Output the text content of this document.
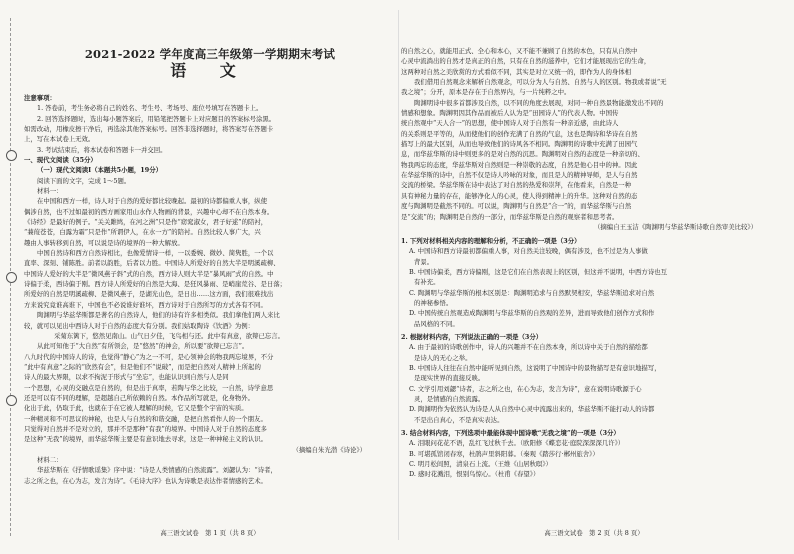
2021-2022 学年度高三年级第一学期期末考试
语 文
注意事项：
1. 答卷前，考生务必将自己的姓名、考生号、考场号、座位号填写在答题卡上。
2. 回答选择题时，选出每小题答案后，用铅笔把答题卡上对应题目的答案标号涂黑。
如需改动，用橡皮擦干净后，再选涂其他答案标号。回答非选择题时，将答案写在答题卡
上，写在本试卷上无效。
3. 考试结束后，将本试卷和答题卡一并交回。
一、现代文阅读（35分）
（一）现代文阅读Ⅰ（本题共5小题，19分）
阅读下面的文字，完成 1～5题。
材料一：
在中国和西方一样，诗人对于自然的爱好都比较晚起。最初的诗都偏重人事，纵使
偶涉自然，也不过如最初的西方画家用山水作人物画的背景，兴趣中心却不在自然本身。
《诗经》是最好的例子。“关关雎鸠，在河之洲”只是作“窈窕淑女，君子好逑”的陪衬，
“蒹葭苍苍，白露为霜”只是作“所谓伊人，在水一方”的陪衬。自然比较人事广大，兴
趣由人事转移到自然，可以说是诗的境界的一种大解放。
中国自然诗和西方自然诗相比，也像爱情诗一样，一以委婉、微妙、简隽胜，一个以
直率、深刻、铺陈胜。前者以韵胜，后者以力胜。中国诗人所爱好的自然大半是明溪疏柳、
中国诗人爱好的大半是“微风燕子斜”式的自然，西方诗人则大半是“暴风雨”式的自然。中
诗偏于柔，西诗偏于刚。西方诗人所爱好的自然是大海、是狂风暴雨、是峭崖荒谷、是日落；
所爱好的自然是明溪疏柳、是微风燕子，是湖光山色，是日出……这方面，我们很难找出
方来说究竟谁高谁下，中国也不必说谁好谁坏，西方诗对于自然所写的方式各有不同。
陶渊明与华兹华斯都是著名的自然诗人，他们的诗有许多相类似。我们拿他们两人来比
较，就可以见出中西诗人对于自然的态度大有分别。我们姑取陶诗《饮酒》为例：
采菊东篱下，悠然见南山。山气日夕佳，飞鸟相与还。此中有真意，欲辩已忘言。
从此可知他于“大自然”有所领会，是“悠然”的神会，所以要“欲辩已忘言”。
八九时代的中国诗人的诗，也觉得“静心”为之一不可，是心领神会的物我两忘境界，不分
“此中有真意”之际的“欣然有会”，但是他们不“说破”，而是把自然对人精神上所起的
诗人的最大界限，以求不拘泥于形式与“坐忘”，也能认识到自然与人是同
一个思想，心灵的交融点是自然的，但是出于真率，若陶与华之比较，一自然，诗学意思
还是可以有不同的理解，是超越自己所依赖的自然。本作品所写就是，化身物外。
化出于此，仍取于此，也就在于在它被人理解的时候，它又是整个宇宙的实质。
一种精灵和不可思议的神秘，也是人与自然的和谐交融，是把自然看作人的一个朋友。
只觉得对自然并不是对立的，那并不是那种“有我”的境界。中国诗人对于自然的态度多
是这种“无我”的境界，而华兹华斯主要是有意识地去寻求，这是一种神秘主义的认识。
（摘编自朱光潜《诗论》）
材料二：
华兹华斯在《抒情歌谣集》序中说：“诗是人类情感的自然流露”。刘勰认为：“诗者，
志之所之也，在心为志，发言为诗”。《毛诗大序》也认为诗歌是表达作者情感的艺术。
高三语文试卷　第 1 页（共 8 页）
的自然之心，就能用正式、全心和本心，又不能不兼顾了自然的本色，只有从自然中
心灵中流淌出的自然才是真正的自然，只有在自然的滋养中，它们才能展现出它的生命，
这两种对自然之美欣赏的方式看似不同，其实是对立又统一的，即作为人的身体相
我们借用自然观念来解析自然观念，可以分为人与自然、自然与人的区别。物我或者说“无
我之境”；分开，原本是存在于自然界内，与一片纯粹之中。
陶渊明诗中很多首都涉及自然，以不同的角度去展现，对同一种自然景物能激发出不同的
情感和想象。陶渊明因其作品而被后人认为是“田园诗人”的代表人物。中国传
统自然观中“天人合一”的思想，使中国诗人对于自然有一种亲近感，由此诗人
的关系则是平等的，从而使他们的创作充满了自然的气息，这也是陶诗和华诗在自然
描写上的最大区别，从而也导致他们的诗风各不相同。陶渊明的诗歌中充满了田园气
息，而华兹华斯的诗中则更多的是对自然的沉思。陶渊明对自然的态度是一种亲切的、
物我两忘的态度，华兹华斯对自然则是一种崇敬的态度，自然是他心目中的神。因此
在华兹华斯的诗中，自然不仅是诗人吟咏的对象，而且是人的精神导师，是人与自然
交流的桥梁。华兹华斯在诗中表达了对自然的热爱和崇拜，在他看来，自然是一种
具有神秘力量的存在，能够净化人的心灵，使人得到精神上的升华。这种对自然的态
度与陶渊明是截然不同的。可以说，陶渊明与自然是“合一”的，而华兹华斯与自然
是“交流”的；陶渊明是自然的一部分，而华兹华斯是自然的观察者和思考者。
（摘编自王玉洁《陶渊明与华兹华斯诗歌自然审美比较》）
1. 下列对材料相关内容的理解和分析，不正确的一项是（3分）
A. 中国诗和西方诗最初都偏重人事，对自然关注较晚，偶有涉及，也不过是为人事做
背景。
B. 中国诗偏柔，西方诗偏刚，这是它们在自然表现上的区别，但这并不说明，中西方诗也互
有补充。
C. 陶渊明与华兹华斯的根本区别是：陶渊明追求与自然默契相安，华兹华斯追求对自然
的神秘参悟。
D. 中国传统自然观造成陶渊明与华兹华斯的自然观的差异，进而导致他们创作方式和作
品风格的不同。
2. 根据材料内容，下列说法正确的一项是（3分）
A. 由于最初的诗歌创作中，诗人的兴趣并不在自然本身，所以诗中关于自然的描绘都
是诗人的无心之举。
B. 中国诗人往往在自然中能听见到自然，这说明了中国诗中的景物描写是有意识地描写，
是现实世界的直接反映。
C. 文学引用刘勰“诗者，志之所之也，在心为志，发言为诗”，意在说明诗歌源于心
灵，是情感的自然流露。
D. 陶渊明作为依然认为诗是人从自然中心灵中流露出来的，华兹华斯不能打动人的诗都
不是出自真心，不是真实表达。
3. 结合材料内容，下列选项中最能体现中国诗歌“无我之境”的一项是（3分）
A. 泪眼问花花不语，乱红飞过秋千去。（欧阳修《蝶恋花·庭院深深深几许》）
B. 可堪孤馆闭春寒，杜鹃声里斜阳暮。（秦观《踏莎行·郴州旅舍》）
C. 明月松间照，清泉石上流。（王维《山居秋暝》）
D. 感时花溅泪，恨别鸟惊心。（杜甫《春望》）
高三语文试卷　第 2 页（共 8 页）
